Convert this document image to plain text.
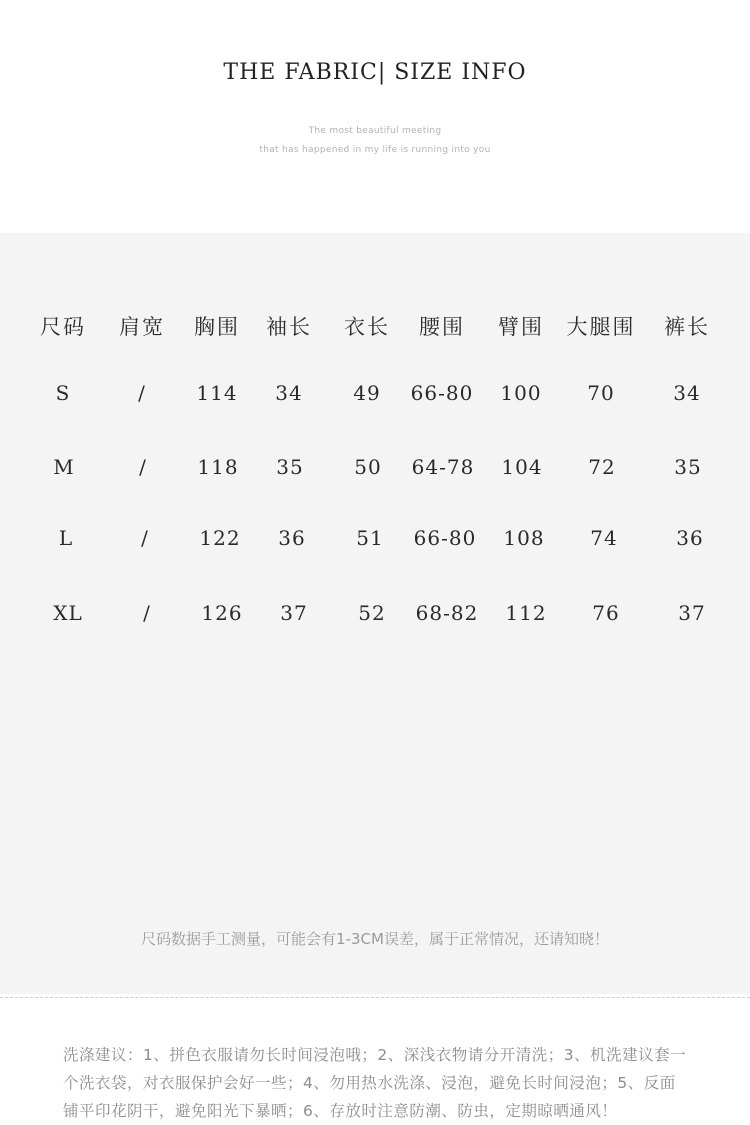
THE FABRIC| SIZE INFO
The most beautiful meeting
that has happened in my life is running into you
尺码	肩宽	胸围	袖长	衣长	腰围	臂围	大腿围	裤长
S	/	114	34	49	66-80	100	70	34
M	/	118	35	50	64-78	104	72	35
L	/	122	36	51	66-80	108	74	36
XL	/	126	37	52	68-82	112	76	37
尺码数据手工测量，可能会有1-3CM误差，属于正常情况，还请知晓！
洗涤建议：1、拼色衣服请勿长时间浸泡哦；2、深浅衣物请分开清洗；3、机洗建议套一个洗衣袋，对衣服保护会好一些；4、勿用热水洗涤、浸泡，避免长时间浸泡；5、反面铺平印花阴干，避免阳光下暴晒；6、存放时注意防潮、防虫，定期晾晒通风！
